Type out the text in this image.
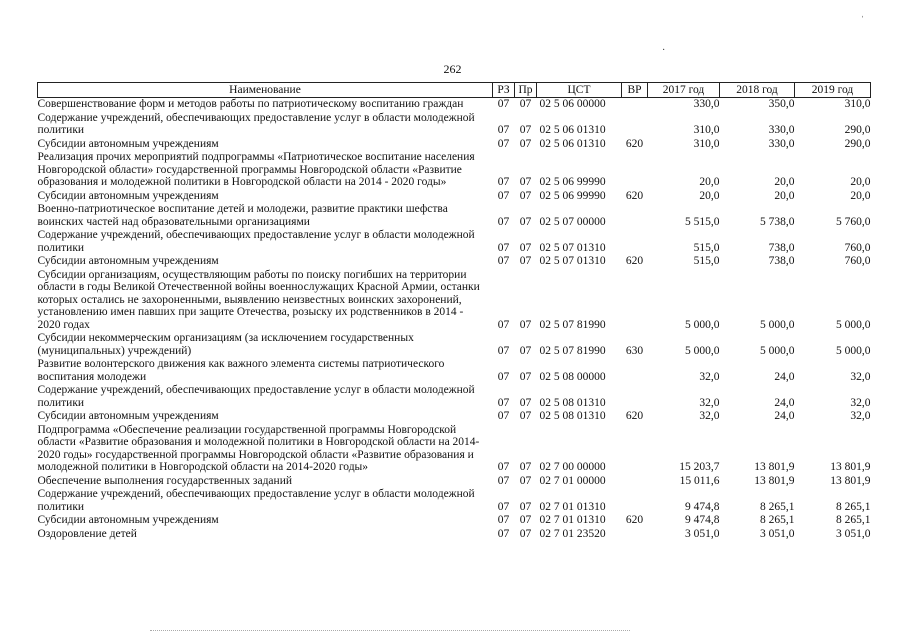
ˌ
262
·
Наименование	РЗ	Пр	ЦСТ	ВР	2017 год	2018 год	2019 год
Совершенствование форм и методов работы по патриотическому воспитанию граждан	07	07	02 5 06 00000		330,0	350,0	310,0
Содержание учреждений, обеспечивающих предоставление услуг в области молодежной политики	07	07	02 5 06 01310		310,0	330,0	290,0
Субсидии автономным учреждениям	07	07	02 5 06 01310	620	310,0	330,0	290,0
Реализация прочих мероприятий подпрограммы «Патриотическое воспитание населения Новгородской области» государственной программы Новгородской области «Развитие образования и молодежной политики в Новгородской области на 2014 - 2020 годы»	07	07	02 5 06 99990		20,0	20,0	20,0
Субсидии автономным учреждениям	07	07	02 5 06 99990	620	20,0	20,0	20,0
Военно-патриотическое воспитание детей и молодежи, развитие практики шефства воинских частей над образовательными организациями	07	07	02 5 07 00000		5 515,0	5 738,0	5 760,0
Содержание учреждений, обеспечивающих предоставление услуг в области молодежной политики	07	07	02 5 07 01310		515,0	738,0	760,0
Субсидии автономным учреждениям	07	07	02 5 07 01310	620	515,0	738,0	760,0
Субсидии организациям, осуществляющим работы по поиску погибших на территории области в годы Великой Отечественной войны военнослужащих Красной Армии, останки которых остались не захороненными, выявлению неизвестных воинских захоронений, установлению имен павших при защите Отечества, розыску их родственников в 2014 - 2020 годах	07	07	02 5 07 81990		5 000,0	5 000,0	5 000,0
Субсидии некоммерческим организациям (за исключением государственных (муниципальных) учреждений)	07	07	02 5 07 81990	630	5 000,0	5 000,0	5 000,0
Развитие волонтерского движения как важного элемента системы патриотического воспитания молодежи	07	07	02 5 08 00000		32,0	24,0	32,0
Содержание учреждений, обеспечивающих предоставление услуг в области молодежной политики	07	07	02 5 08 01310		32,0	24,0	32,0
Субсидии автономным учреждениям	07	07	02 5 08 01310	620	32,0	24,0	32,0
Подпрограмма «Обеспечение реализации государственной программы Новгородской области «Развитие образования и молодежной политики в Новгородской области на 2014-2020 годы» государственной программы Новгородской области «Развитие образования и молодежной политики в Новгородской области на 2014-2020 годы»	07	07	02 7 00 00000		15 203,7	13 801,9	13 801,9
Обеспечение выполнения государственных заданий	07	07	02 7 01 00000		15 011,6	13 801,9	13 801,9
Содержание учреждений, обеспечивающих предоставление услуг в области молодежной политики	07	07	02 7 01 01310		9 474,8	8 265,1	8 265,1
Субсидии автономным учреждениям	07	07	02 7 01 01310	620	9 474,8	8 265,1	8 265,1
Оздоровление детей	07	07	02 7 01 23520		3 051,0	3 051,0	3 051,0
